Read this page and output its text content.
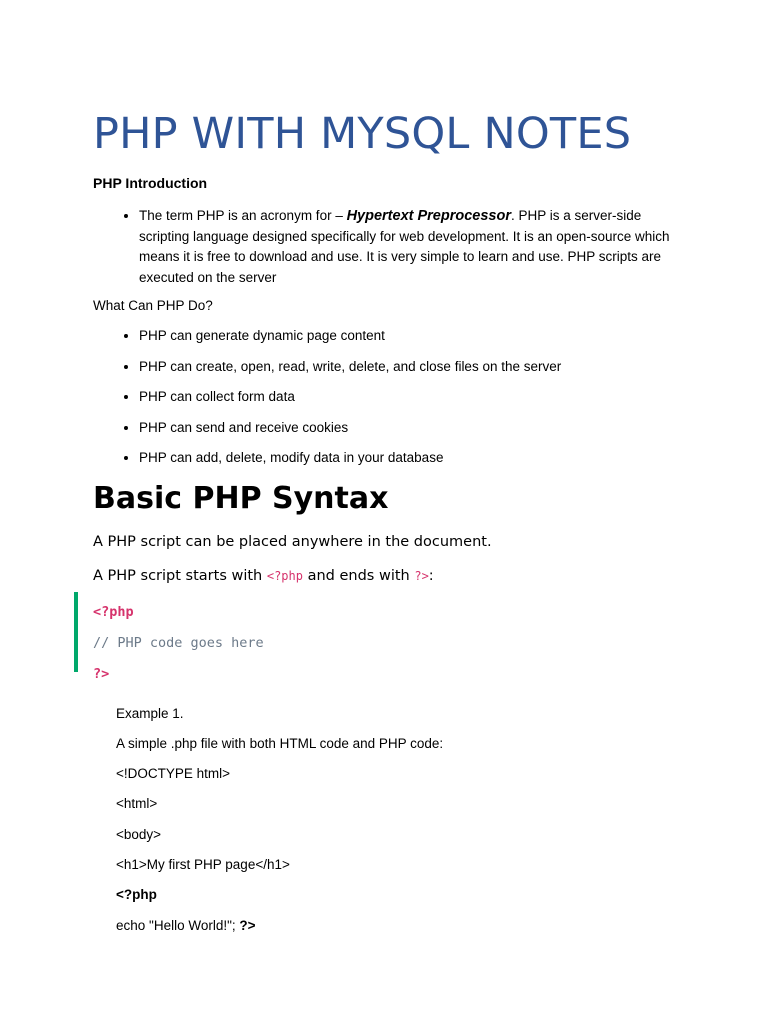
PHP WITH MYSQL NOTES
PHP Introduction
• The term PHP is an acronym for – Hypertext Preprocessor. PHP is a server-side scripting language designed specifically for web development. It is an open-source which means it is free to download and use. It is very simple to learn and use. PHP scripts are executed on the server

What Can PHP Do?

• PHP can generate dynamic page content
• PHP can create, open, read, write, delete, and close files on the server
• PHP can collect form data
• PHP can send and receive cookies
• PHP can add, delete, modify data in your database
Basic PHP Syntax

A PHP script can be placed anywhere in the document.

A PHP script starts with <?php and ends with ?>:

<?php
// PHP code goes here
?>
Example 1.
A simple .php file with both HTML code and PHP code:
<!DOCTYPE html>
<html>
<body>
<h1>My first PHP page</h1>
<?php
echo "Hello World!"; ?>
